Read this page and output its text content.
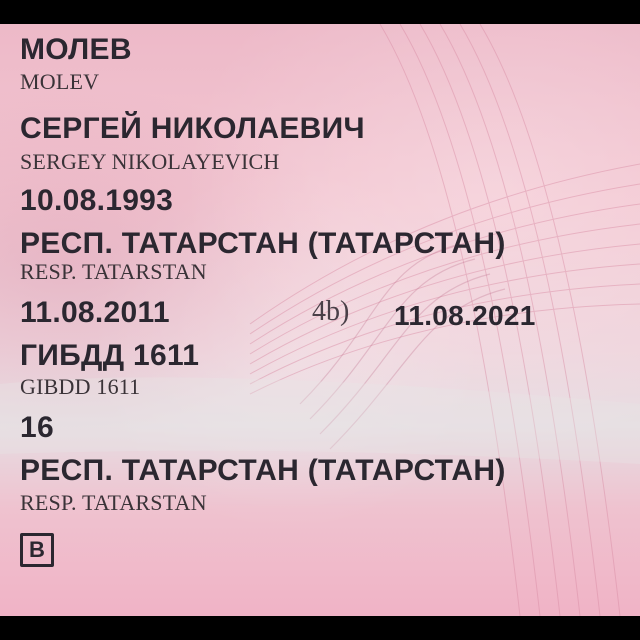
МОЛЕВ
MOLEV
СЕРГЕЙ НИКОЛАЕВИЧ
SERGEY NIKOLAYEVICH
10.08.1993
РЕСП. ТАТАРСТАН (ТАТАРСТАН)
RESP. TATARSTAN
11.08.2011	4b) 11.08.2021
ГИБДД 1611
GIBDD 1611
16
РЕСП. ТАТАРСТАН (ТАТАРСТАН)
RESP. TATARSTAN
B
